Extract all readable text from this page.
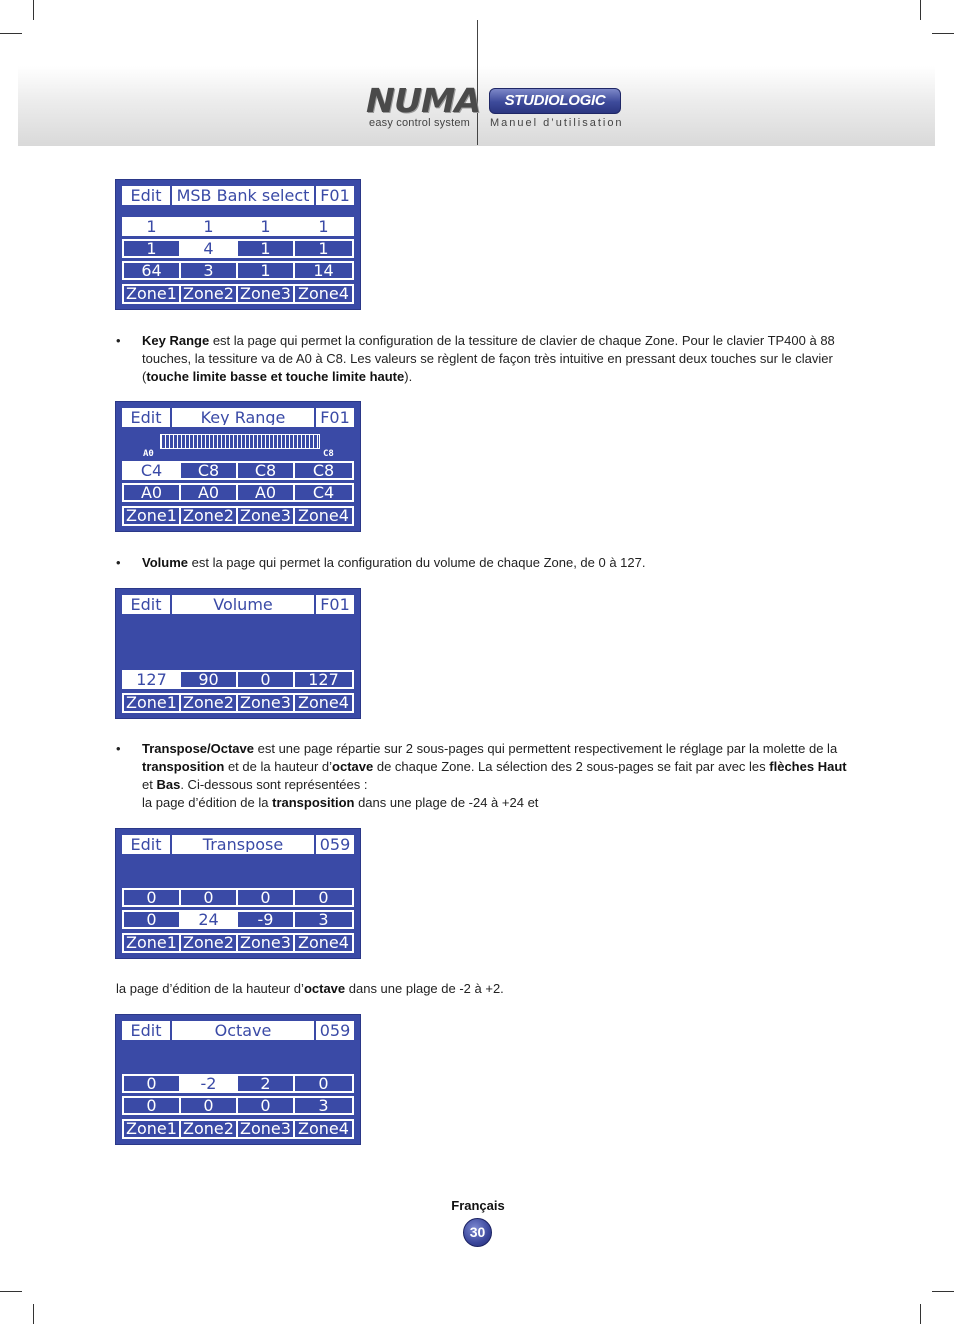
NUMA
easy control system
STUDIOLOGIC
Manuel d’utilisation
Edit MSB Bank select F01
1	1	1	1
1	4	1	1
64	3	1	14
Zone1 Zone2 Zone3 Zone4
• Key Range est la page qui permet la configuration de la tessiture de clavier de chaque Zone. Pour le clavier TP400 à 88 touches, la tessiture va de A0 à C8. Les valeurs se règlent de façon très intuitive en pressant deux touches sur le clavier (touche limite basse et touche limite haute).
Edit	Key Range	F01
A0	C8
C4	C8	C8	C8
A0	A0	A0	C4
Zone1 Zone2 Zone3 Zone4
• Volume est la page qui permet la configuration du volume de chaque Zone, de 0 à 127.
Edit	Volume	F01
127	90	0	127
Zone1 Zone2 Zone3 Zone4
• Transpose/Octave est une page répartie sur 2 sous-pages qui permettent respectivement le réglage par la molette de la transposition et de la hauteur d’octave de chaque Zone. La sélection des 2 sous-pages se fait par avec les flèches Haut et Bas. Ci-dessous sont représentées :
la page d’édition de la transposition dans une plage de -24 à +24 et
Edit	Transpose	059
0	0	0	0
0	24	-9	3
Zone1 Zone2 Zone3 Zone4
la page d’édition de la hauteur d’octave dans une plage de -2 à +2.
Edit	Octave	059
0	-2	2	0
0	0	0	3
Zone1 Zone2 Zone3 Zone4
Français
30
